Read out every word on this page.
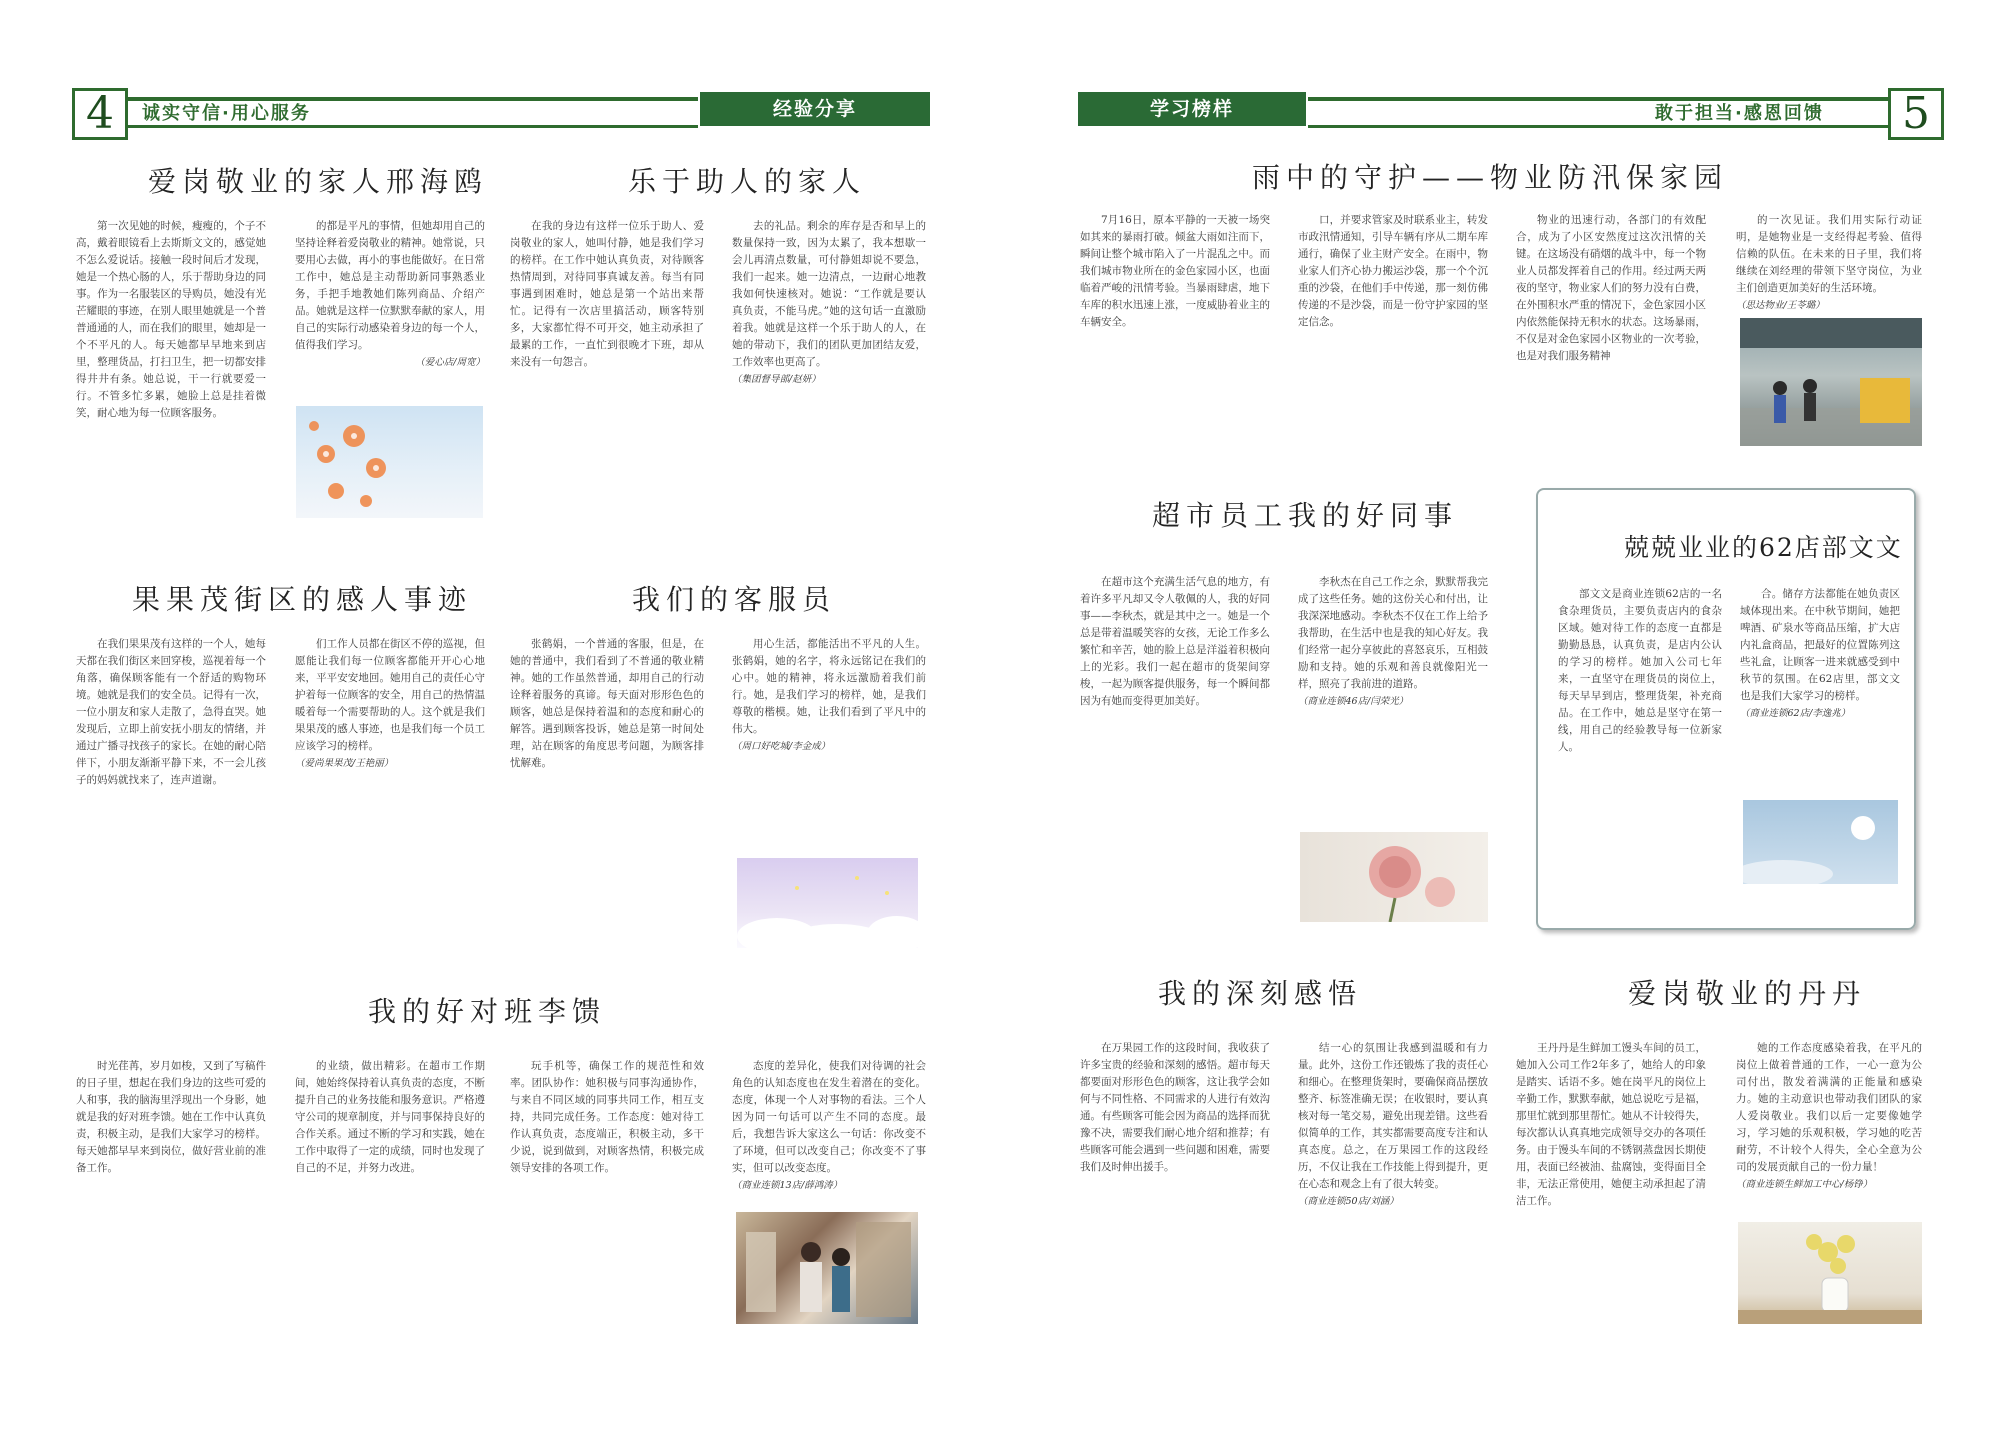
4	诚实守信·用心服务	经验分享	学习榜样	敢于担当·感恩回馈	5
爱岗敬业的家人邢海鸥

第一次见她的时候，瘦瘦的，个子不高，戴着眼镜看上去斯斯文文的，感觉她不怎么爱说话。接触一段时间后才发现，她是一个热心肠的人，乐于帮助身边的同事。作为一名服装区的导购员，她没有光芒耀眼的事迹，在别人眼里她就是一个普普通通的人，而在我们的眼里，她却是一个不平凡的人。每天她都早早地来到店里，整理货品，打扫卫生，把一切都安排得井井有条。她总说，干一行就要爱一行。不管多忙多累，她脸上总是挂着微笑，耐心地为每一位顾客服务。

的都是平凡的事情，但她却用自己的坚持诠释着爱岗敬业的精神。她常说，只要用心去做，再小的事也能做好。在日常工作中，她总是主动帮助新同事熟悉业务，手把手地教她们陈列商品、介绍产品。她就是这样一位默默奉献的家人，用自己的实际行动感染着身边的每一个人，值得我们学习。

（爱心店/周宽）
乐于助人的家人

在我的身边有这样一位乐于助人、爱岗敬业的家人，她叫付静，她是我们学习的榜样。在工作中她认真负责，对待顾客热情周到，对待同事真诚友善。每当有同事遇到困难时，她总是第一个站出来帮忙。记得有一次店里搞活动，顾客特别多，大家都忙得不可开交，她主动承担了最累的工作，一直忙到很晚才下班，却从来没有一句怨言。

去的礼品。剩余的库存是否和早上的数量保持一致，因为太累了，我本想歇一会儿再清点数量，可付静姐却说不要急，我们一起来。她一边清点，一边耐心地教我如何快速核对。她说：“工作就是要认真负责，不能马虎。”她的这句话一直激励着我。她就是这样一个乐于助人的人，在她的带动下，我们的团队更加团结友爱，工作效率也更高了。

（集团督导部/赵妍）
果果茂街区的感人事迹

在我们果果茂有这样的一个人，她每天都在我们街区来回穿梭，巡视着每一个角落，确保顾客能有一个舒适的购物环境。她就是我们的安全员。记得有一次，一位小朋友和家人走散了，急得直哭。她发现后，立即上前安抚小朋友的情绪，并通过广播寻找孩子的家长。在她的耐心陪伴下，小朋友渐渐平静下来，不一会儿孩子的妈妈就找来了，连声道谢。

们工作人员都在街区不停的巡视，但愿能让我们每一位顾客都能开开心心地来，平平安安地回。她用自己的责任心守护着每一位顾客的安全，用自己的热情温暖着每一个需要帮助的人。这个就是我们果果茂的感人事迹，也是我们每一个员工应该学习的榜样。

（爱尚果果茂/王艳丽）
我们的客服员

张鹤娟，一个普通的客服，但是，在她的普通中，我们看到了不普通的敬业精神。她的工作虽然普通，却用自己的行动诠释着服务的真谛。每天面对形形色色的顾客，她总是保持着温和的态度和耐心的解答。遇到顾客投诉，她总是第一时间处理，站在顾客的角度思考问题，为顾客排忧解难。

用心生活，都能活出不平凡的人生。张鹤娟，她的名字，将永远铭记在我们的心中。她的精神，将永远激励着我们前行。她，是我们学习的榜样，她，是我们尊敬的楷模。她，让我们看到了平凡中的伟大。

（周口好吃城/李金成）
我的好对班李馈

时光荏苒，岁月如梭，又到了写稿件的日子里，想起在我们身边的这些可爱的人和事，我的脑海里浮现出一个身影，她就是我的好对班李馈。她在工作中认真负责，积极主动，是我们大家学习的榜样。每天她都早早来到岗位，做好营业前的准备工作。

的业绩，做出精彩。在超市工作期间，她始终保持着认真负责的态度，不断提升自己的业务技能和服务意识。严格遵守公司的规章制度，并与同事保持良好的合作关系。通过不断的学习和实践，她在工作中取得了一定的成绩，同时也发现了自己的不足，并努力改进。

玩手机等，确保工作的规范性和效率。团队协作：她积极与同事沟通协作，与来自不同区域的同事共同工作，相互支持，共同完成任务。工作态度：她对待工作认真负责，态度端正，积极主动，多干少说，说到做到，对顾客热情，积极完成领导安排的各项工作。

态度的差异化，使我们对待调的社会角色的认知态度也在发生着潜在的变化。态度，体现一个人对事物的看法。三个人因为同一句话可以产生不同的态度。最后，我想告诉大家这么一句话：你改变不了环境，但可以改变自己；你改变不了事实，但可以改变态度。

（商业连锁13店/薛鸿涛）
雨中的守护——物业防汛保家园

7月16日，原本平静的一天被一场突如其来的暴雨打破。倾盆大雨如注而下，瞬间让整个城市陷入了一片混乱之中。而我们城市物业所在的金色家园小区，也面临着严峻的汛情考验。当暴雨肆虐，地下车库的积水迅速上涨，一度威胁着业主的车辆安全。

口，并要求管家及时联系业主，转发市政汛情通知，引导车辆有序从二期车库通行，确保了业主财产安全。在雨中，物业家人们齐心协力搬运沙袋，那一个个沉重的沙袋，在他们手中传递，那一刻仿佛传递的不是沙袋，而是一份守护家园的坚定信念。

物业的迅速行动，各部门的有效配合，成为了小区安然度过这次汛情的关键。在这场没有硝烟的战斗中，每一个物业人员都发挥着自己的作用。经过两天两夜的坚守，物业家人们的努力没有白费，在外围积水严重的情况下，金色家园小区内依然能保持无积水的状态。这场暴雨，不仅是对金色家园小区物业的一次考验，也是对我们服务精神

的一次见证。我们用实际行动证明，是她物业是一支经得起考验、值得信赖的队伍。在未来的日子里，我们将继续在刘经理的带领下坚守岗位，为业主们创造更加美好的生活环境。

（思达物业/王苓璐）
超市员工我的好同事

在超市这个充满生活气息的地方，有着许多平凡却又令人敬佩的人，我的好同事——李秋杰，就是其中之一。她是一个总是带着温暖笑容的女孩，无论工作多么繁忙和辛苦，她的脸上总是洋溢着积极向上的光彩。我们一起在超市的货架间穿梭，一起为顾客提供服务，每一个瞬间都因为有她而变得更加美好。

李秋杰在自己工作之余，默默帮我完成了这些任务。她的这份关心和付出，让我深深地感动。李秋杰不仅在工作上给予我帮助，在生活中也是我的知心好友。我们经常一起分享彼此的喜怒哀乐，互相鼓励和支持。她的乐观和善良就像阳光一样，照亮了我前进的道路。

（商业连锁46店/闫荣光）
兢兢业业的62店部文文

部文文是商业连锁62店的一名食杂理货员，主要负责店内的食杂区域。她对待工作的态度一直都是勤勤恳恳，认真负责，是店内公认的学习的榜样。她加入公司七年来，一直坚守在理货员的岗位上，每天早早到店，整理货架，补充商品。在工作中，她总是坚守在第一线，用自己的经验教导每一位新家人。

合。储存方法都能在她负责区域体现出来。在中秋节期间，她把啤酒、矿泉水等商品压缩，扩大店内礼盒商品，把最好的位置陈列这些礼盒，让顾客一进来就感受到中秋节的氛围。在62店里，部文文也是我们大家学习的榜样。

（商业连锁62店/李逸兆）
我的深刻感悟

在万果园工作的这段时间，我收获了许多宝贵的经验和深刻的感悟。超市每天都要面对形形色色的顾客，这让我学会如何与不同性格、不同需求的人进行有效沟通。有些顾客可能会因为商品的选择而犹豫不决，需要我们耐心地介绍和推荐；有些顾客可能会遇到一些问题和困难，需要我们及时伸出援手。

结一心的氛围让我感到温暖和有力量。此外，这份工作还锻炼了我的责任心和细心。在整理货架时，要确保商品摆放整齐、标签准确无误；在收银时，要认真核对每一笔交易，避免出现差错。这些看似简单的工作，其实都需要高度专注和认真态度。总之，在万果园工作的这段经历，不仅让我在工作技能上得到提升，更在心态和观念上有了很大转变。

（商业连锁50店/刘涵）
爱岗敬业的丹丹

王丹丹是生鲜加工馒头车间的员工，她加入公司工作2年多了，她给人的印象是踏实、话语不多。她在岗平凡的岗位上辛勤工作，默默奉献，她总说吃亏是福，那里忙就到那里帮忙。她从不计较得失，每次都认认真真地完成领导交办的各项任务。由于馒头车间的不锈钢蒸盘因长期使用，表面已经被油、盐腐蚀，变得面目全非，无法正常使用，她便主动承担起了清洁工作。

她的工作态度感染着我，在平凡的岗位上做着普通的工作，一心一意为公司付出，散发着满满的正能量和感染力。她的主动意识也带动我们团队的家人爱岗敬业。我们以后一定要像她学习，学习她的乐观积极，学习她的吃苦耐劳，不计较个人得失，全心全意为公司的发展贡献自己的一份力量！

（商业连锁生鲜加工中心/杨铮）
